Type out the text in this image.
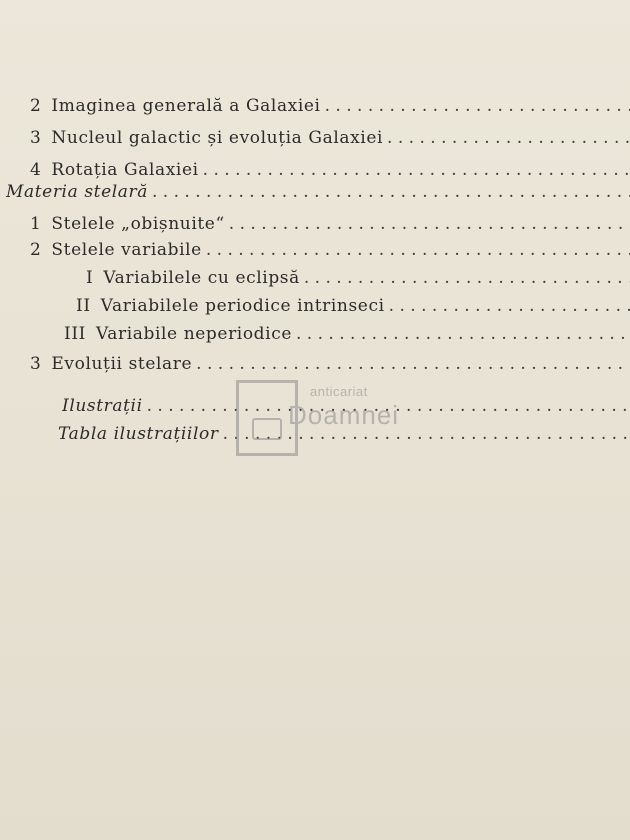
2 Imaginea generală a Galaxiei
. . .
3 Nucleul galactic și evoluția Galaxiei
. . .
4 Rotația Galaxiei
. . .
Materia stelară
. . .
1 Stelele „obișnuite“
. . .
2 Stelele variabile
. . .
I Variabilele cu eclipsă
. . .
II Variabilele periodice intrinseci
. . .
III Variabile neperiodice
. . .
3 Evoluții stelare
. . .
Ilustrații
. . .
Tabla ilustrațiilor
. . .
anticariat
Doamnei
